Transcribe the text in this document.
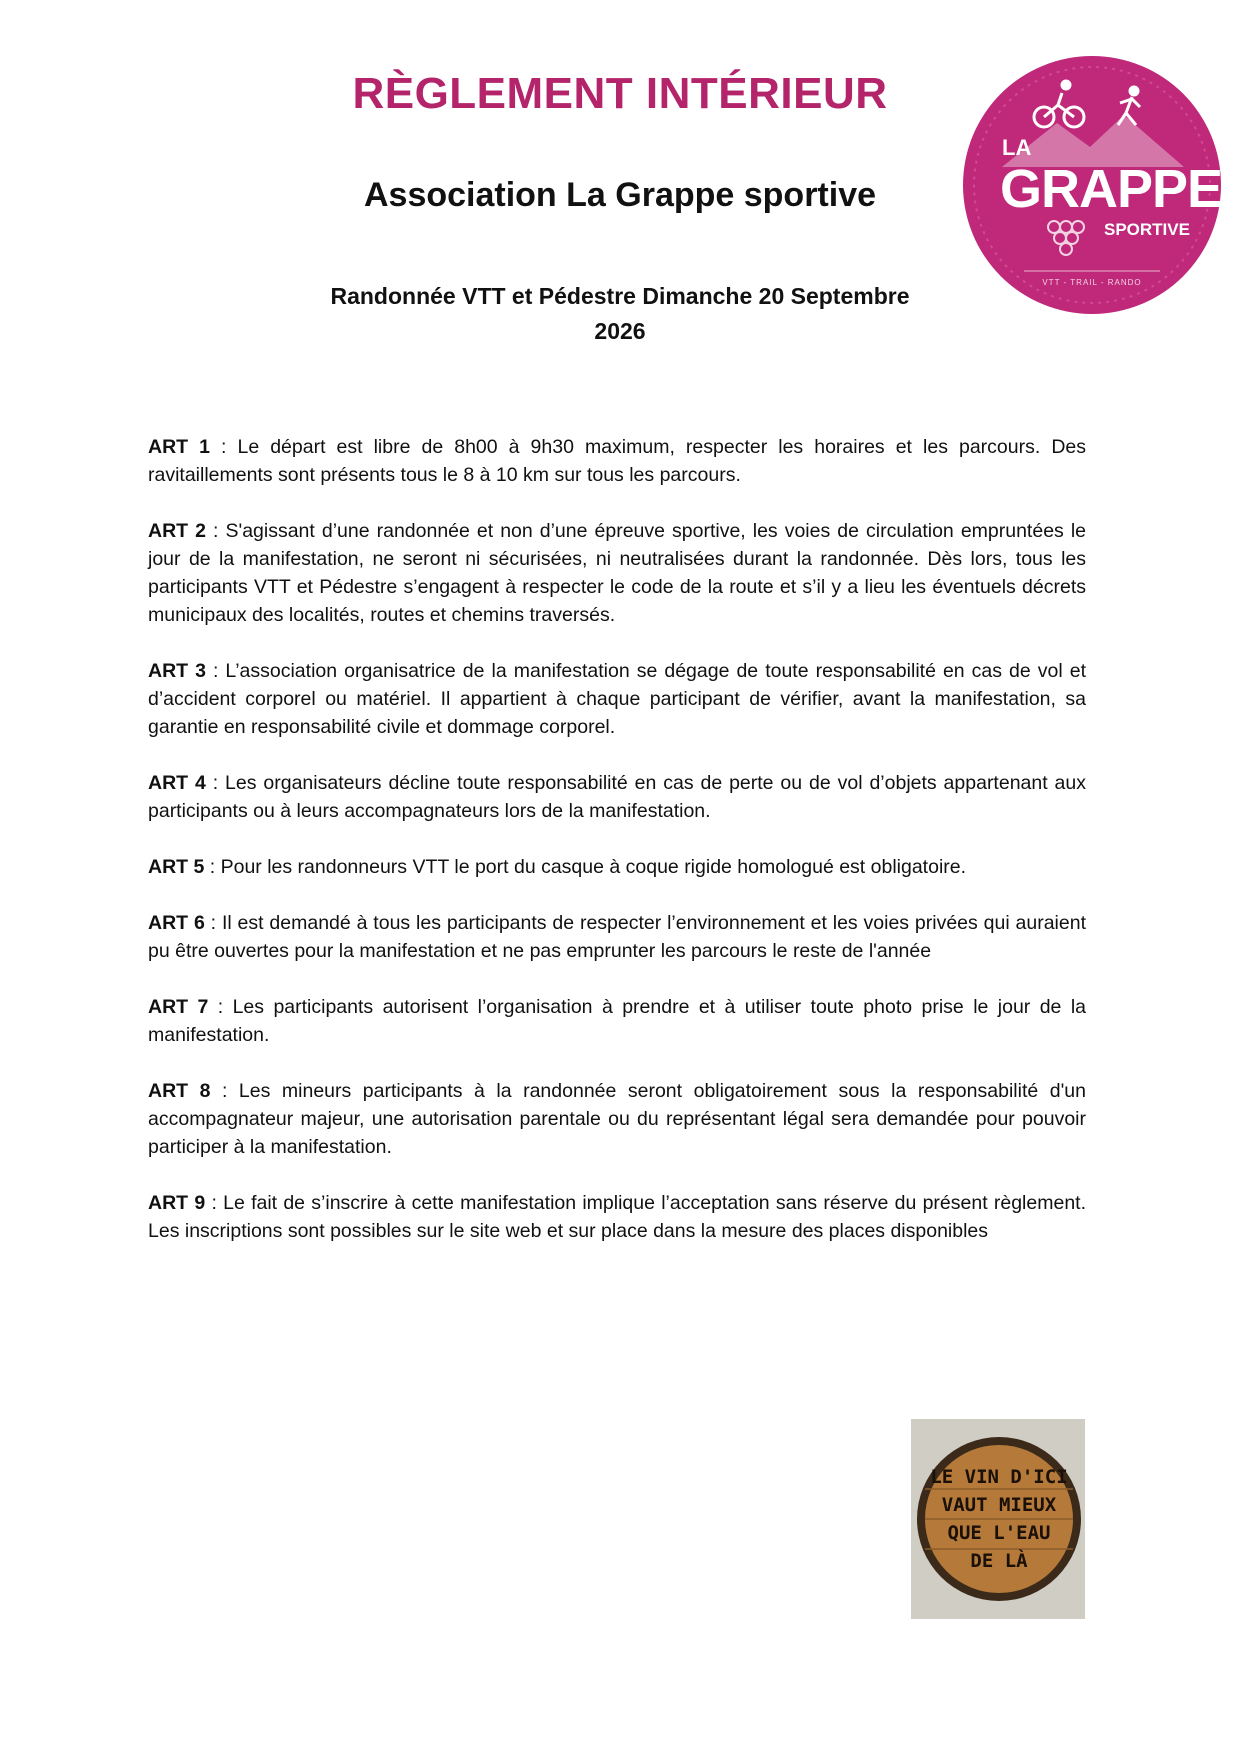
RÈGLEMENT INTÉRIEUR
Association La Grappe sportive
Randonnée VTT et Pédestre Dimanche 20 Septembre
2026
LA
GRAPPE
SPORTIVE
VTT - TRAIL - RANDO

ART 1 : Le départ est libre de 8h00 à 9h30 maximum, respecter les horaires et les parcours. Des ravitaillements sont présents tous le 8 à 10 km sur tous les parcours.

ART 2 : S'agissant d’une randonnée et non d’une épreuve sportive, les voies de circulation empruntées le jour de la manifestation, ne seront ni sécurisées, ni neutralisées durant la randonnée. Dès lors, tous les participants VTT et Pédestre s’engagent à respecter le code de la route et s’il y a lieu les éventuels décrets municipaux des localités, routes et chemins traversés.

ART 3 : L’association organisatrice de la manifestation se dégage de toute responsabilité en cas de vol et d’accident corporel ou matériel. Il appartient à chaque participant de vérifier, avant la manifestation, sa garantie en responsabilité civile et dommage corporel.

ART 4 : Les organisateurs décline toute responsabilité en cas de perte ou de vol d’objets appartenant aux participants ou à leurs accompagnateurs lors de la manifestation.

ART 5 : Pour les randonneurs VTT le port du casque à coque rigide homologué est obligatoire.

ART 6 : Il est demandé à tous les participants de respecter l’environnement et les voies privées qui auraient pu être ouvertes pour la manifestation et ne pas emprunter les parcours le reste de l'année

ART 7 : Les participants autorisent l’organisation à prendre et à utiliser toute photo prise le jour de la manifestation.

ART 8 : Les mineurs participants à la randonnée seront obligatoirement sous la responsabilité d'un accompagnateur majeur, une autorisation parentale ou du représentant légal sera demandée pour pouvoir participer à la manifestation.

ART 9 : Le fait de s’inscrire à cette manifestation implique l’acceptation sans réserve du présent règlement. Les inscriptions sont possibles sur le site web et sur place dans la mesure des places disponibles

LE VIN D'ICI
VAUT MIEUX
QUE L'EAU
DE LÀ
